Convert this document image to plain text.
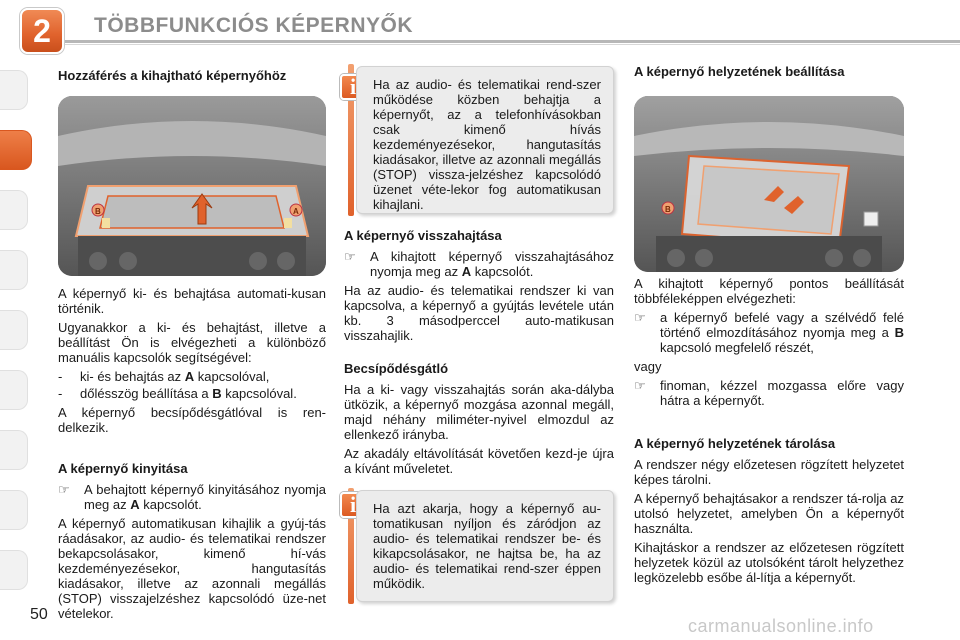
2	TÖBBFUNKCIÓS KÉPERNYŐK
Hozzáférés a kihajtható képernyőhöz
B	A
A képernyő ki- és behajtása automati-kusan történik.
Ugyanakkor a ki- és behajtást, illetve a beállítást Ön is elvégezheti a különböző manuális kapcsolók segítségével:
-	ki- és behajtás az A kapcsolóval,
-	dőlésszög beállítása a B kapcsolóval.
A képernyő becsípődésgátlóval is ren-delkezik.
A képernyő kinyitása
☞	A behajtott képernyő kinyitásához nyomja meg az A kapcsolót.
A képernyő automatikusan kihajlik a gyúj-tás ráadásakor, az audio- és telematikai rendszer bekapcsolásakor, kimenő hí-vás kezdeményezésekor, hangutasítás kiadásakor, illetve az azonnali megállás (STOP) visszajelzéshez kapcsolódó üze-net vételekor.
i	Ha az audio- és telematikai rend-szer működése közben behajtja a képernyőt, az a telefonhívásokban csak kimenő hívás kezdeményezésekor, hangutasítás kiadásakor, illetve az azonnali megállás (STOP) vissza-jelzéshez kapcsolódó üzenet véte-lekor fog automatikusan kihajlani.
A képernyő visszahajtása
☞	A kihajtott képernyő visszahajtásához nyomja meg az A kapcsolót.
Ha az audio- és telematikai rendszer ki van kapcsolva, a képernyő a gyújtás levétele után kb. 3 másodperccel auto-matikusan visszahajlik.
Becsípődésgátló
Ha a ki- vagy visszahajtás során aka-dályba ütközik, a képernyő mozgása azonnal megáll, majd néhány miliméter-nyivel elmozdul az ellenkező irányba.
Az akadály eltávolítását követően kezd-je újra a kívánt műveletet.
i	Ha azt akarja, hogy a képernyő au-tomatikusan nyíljon és záródjon az audio- és telematikai rendszer be- és kikapcsolásakor, ne hajtsa be, ha az audio- és telematikai rend-szer éppen működik.
A képernyő helyzetének beállítása
B
A kihajtott képernyő pontos beállítását többféleképpen elvégezheti:
☞	a képernyő befelé vagy a szélvédő felé történő elmozdításához nyomja meg a B kapcsoló megfelelő részét,
vagy
☞	finoman, kézzel mozgassa előre vagy hátra a képernyőt.
A képernyő helyzetének tárolása
A rendszer négy előzetesen rögzített helyzetet képes tárolni.
A képernyő behajtásakor a rendszer tá-rolja az utolsó helyzetet, amelyben Ön a képernyőt használta.
Kihajtáskor a rendszer az előzetesen rögzített helyzetek közül az utolsóként tárolt helyzethez legközelebb esőbe ál-lítja a képernyőt.
50
carmanualsonline.info
